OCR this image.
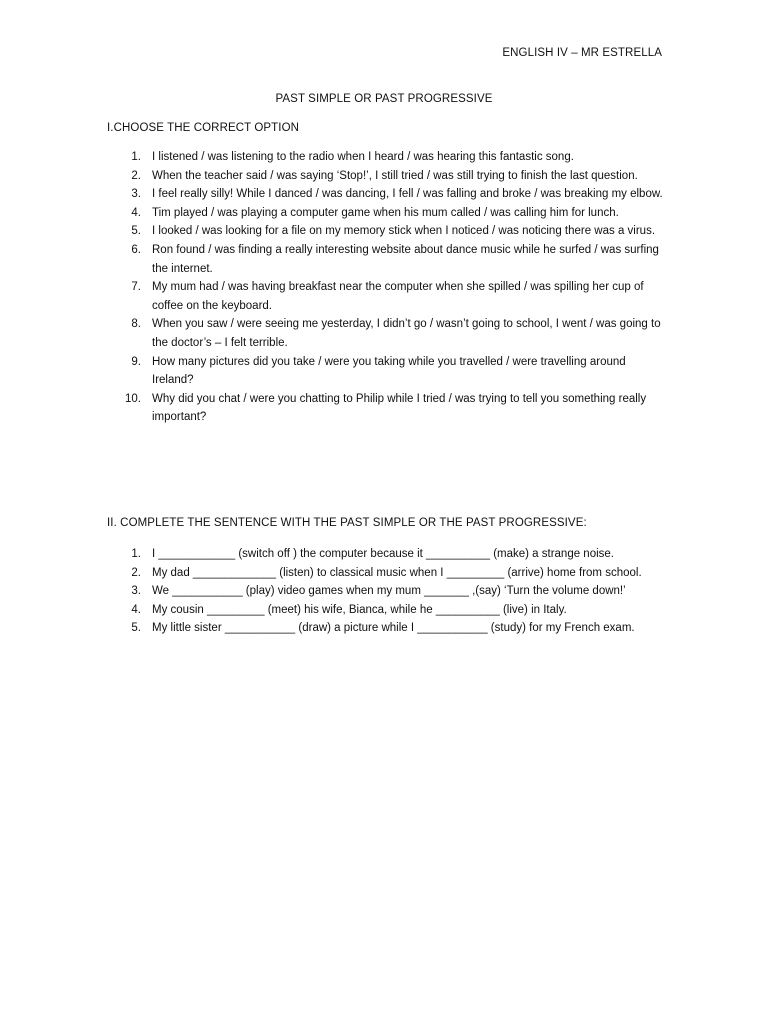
ENGLISH IV – MR ESTRELLA
PAST SIMPLE OR PAST PROGRESSIVE
I.CHOOSE THE CORRECT OPTION
1. I listened / was listening to the radio when I heard / was hearing this fantastic song.
2. When the teacher said / was saying ‘Stop!’, I still tried / was still trying to finish the last question.
3. I feel really silly! While I danced / was dancing, I fell / was falling and broke / was breaking my elbow.
4. Tim played / was playing a computer game when his mum called / was calling him for lunch.
5. I looked / was looking for a file on my memory stick when I noticed / was noticing there was a virus.
6. Ron found / was finding a really interesting website about dance music while he surfed / was surfing the internet.
7. My mum had / was having breakfast near the computer when she spilled / was spilling her cup of coffee on the keyboard.
8. When you saw / were seeing me yesterday, I didn’t go / wasn’t going to school, I went / was going to the doctor’s – I felt terrible.
9. How many pictures did you take / were you taking while you travelled / were travelling around Ireland?
10. Why did you chat / were you chatting to Philip while I tried / was trying to tell you something really important?
II. COMPLETE THE SENTENCE WITH THE PAST SIMPLE OR THE PAST PROGRESSIVE:
1. I ____________ (switch off ) the computer because it __________ (make) a strange noise.
2. My dad _____________ (listen) to classical music when I _________ (arrive) home from school.
3. We ___________ (play) video games when my mum _______ ,(say) ‘Turn the volume down!’
4. My cousin _________ (meet) his wife, Bianca, while he __________ (live) in Italy.
5. My little sister ___________ (draw) a picture while I ___________ (study) for my French exam.
